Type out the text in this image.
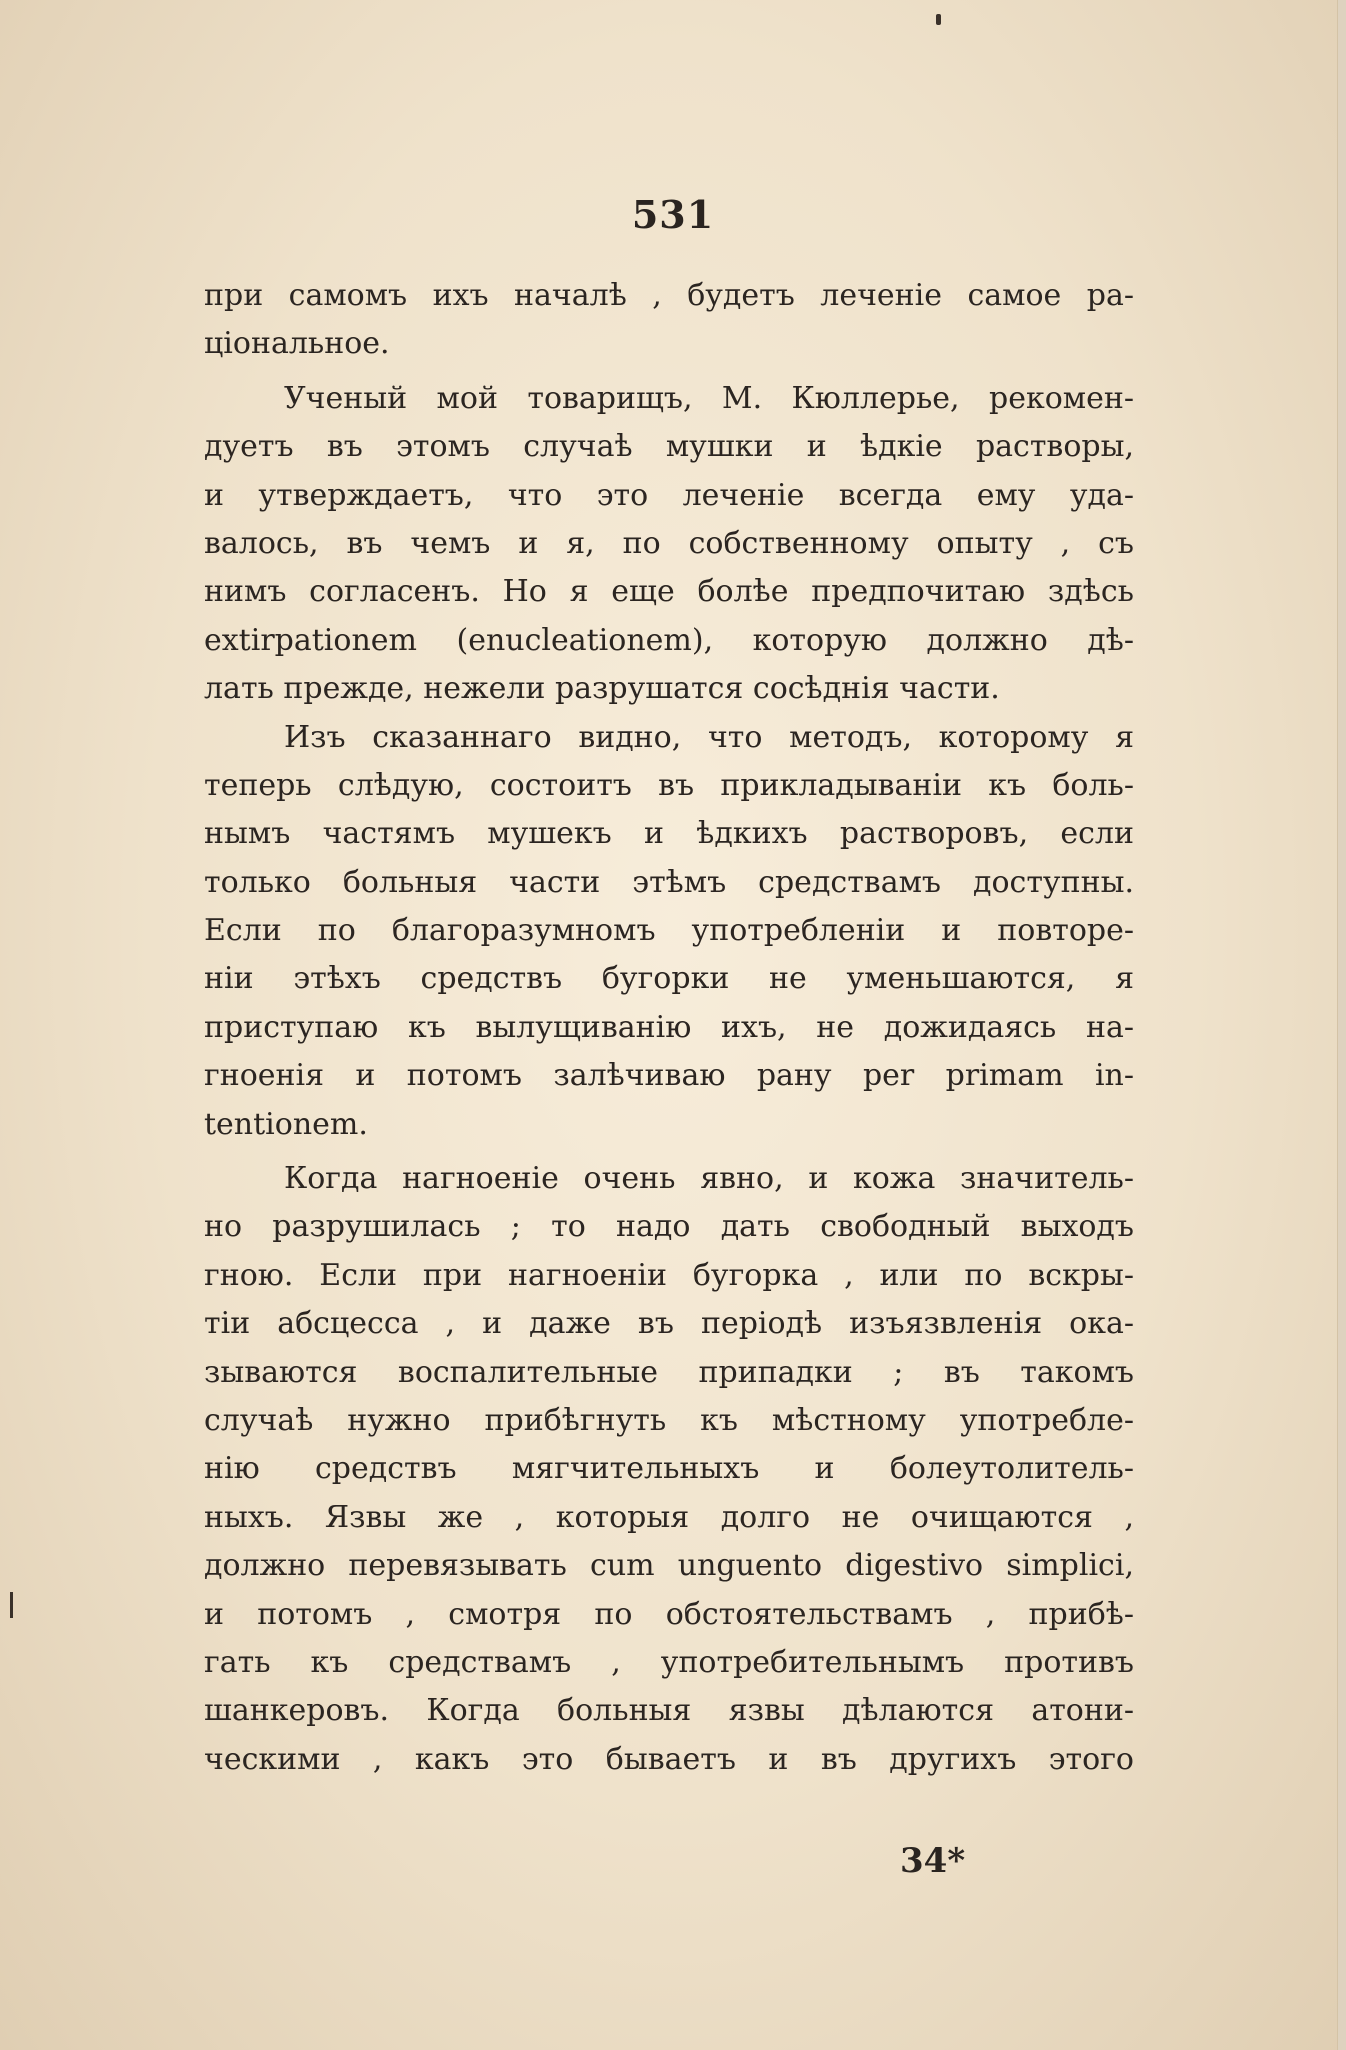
531
при самомъ ихъ началѣ , будетъ леченіе самое ра-
ціональное.
Ученый мой товарищъ, М. Кюллерье, рекомен-
дуетъ въ этомъ случаѣ мушки и ѣдкіе растворы,
и утверждаетъ, что это леченіе всегда ему уда-
валось, въ чемъ и я, по собственному опыту , съ
нимъ согласенъ. Но я еще болѣе предпочитаю здѣсь
extirpationem (enucleationem), которую должно дѣ-
лать прежде, нежели разрушатся сосѣднія части.
Изъ сказаннаго видно, что методъ, которому я
теперь слѣдую, состоитъ въ прикладываніи къ боль-
нымъ частямъ мушекъ и ѣдкихъ растворовъ, если
только больныя части этѣмъ средствамъ доступны.
Если по благоразумномъ употребленіи и повторе-
ніи этѣхъ средствъ бугорки не уменьшаются, я
приступаю къ вылущиванію ихъ, не дожидаясь на-
гноенія и потомъ залѣчиваю рану per primam in-
tentionem.
Когда нагноеніе очень явно, и кожа значитель-
но разрушилась ; то надо дать свободный выходъ
гною. Если при нагноеніи бугорка , или по вскры-
тіи абсцесса , и даже въ періодѣ изъязвленія ока-
зываются воспалительные припадки ; въ такомъ
случаѣ нужно прибѣгнуть къ мѣстному употребле-
нію средствъ мягчительныхъ и болеутолитель-
ныхъ. Язвы же , которыя долго не очищаются ,
должно перевязывать cum unguento digestivo simplici,
и потомъ , смотря по обстоятельствамъ , прибѣ-
гать къ средствамъ , употребительнымъ противъ
шанкеровъ. Когда больныя язвы дѣлаются атони-
ческими , какъ это бываетъ и въ другихъ этого
34*
